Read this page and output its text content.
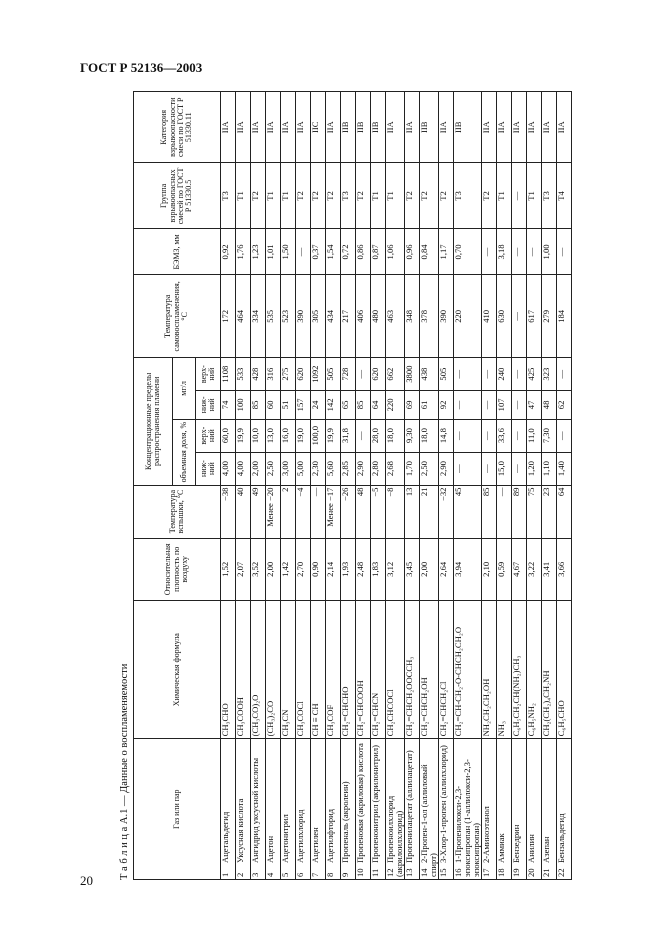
ГОСТ Р 52136—2003
Т а б л и ц а А.1 — Данные о воспламеняемости	Газ или пар	Химическая формула	Относительная плотность по воздуху	Температура вспышки, °С	Концентрационные пределы распространения пламени				Температура самовоспламенения, °С	БЭМЗ, мм	Группа взрывоопасных смесей по ГОСТ Р 51330.5	Категория взрывоопасности смеси по ГОСТ Р 51330.11
				объемная доля, %		мг/л					
				ниж-ний	верх-ний	ниж-ний	верх-ний				
1Ацетальдегид	CH₃CHO	1,52	−38	4,00	60,0	74	1108	172	0,92	T3	IIA
2Уксусная кислота	CH₃COOH	2,07	40	4,00	19,9	100	533	464	1,76	T1	IIA
3Ангидрид уксусной кислоты	(CH₃CO)₂O	3,52	49	2,00	10,0	85	428	334	1,23	T2	IIA
4Ацетон	(CH₃)₂CO	2,00	Менее −20	2,50	13,0	60	316	535	1,01	T1	IIA
5Ацетонитрил	CH₃CN	1,42	2	3,00	16,0	51	275	523	1,50	T1	IIA
6Ацетилхлорид	CH₃COCl	2,70	−4	5,00	19,0	157	620	390	—	T2	IIA
7Ацетилен	CH ≡ CH	0,90	—	2,30	100,0	24	1092	305	0,37	T2	IIC
8Ацетилфторид	CH₃COF	2,14	Менее −17	5,60	19,9	142	505	434	1,54	T2	IIA
9Пропеналь (акролеин)	CH₂=CHCHO	1,93	−26	2,85	31,8	65	728	217	0,72	T3	IIB
10Пропеновая (акриловая) кислота	CH₂=CHCOOH	2,48	48	2,90	—	85	—	406	0,86	T2	IIB
11Пропенонитрил (акрилонитрил)	CH₂=CHCN	1,83	−5	2,80	28,0	64	620	480	0,87	T1	IIB
12Пропеноилхлорид (акрилоилхлорид)	CH₂CHCOCl	3,12	−8	2,68	18,0	220	662	463	1,06	T1	IIA
13Пропенилацетат (аллилацетат)	CH₂=CHCH₂OOCCH₃	3,45	13	1,70	9,30	69	3800	348	0,96	T2	IIA
142-Пропен-1-ол (аллиловый спирт)	CH₂=CHCH₂OH	2,00	21	2,50	18,0	61	438	378	0,84	T2	IIB
153-Хлор-1-пропен (аллилхлорид)	CH₂=CHCH₂Cl	2,64	−32	2,90	14,8	92	505	390	1,17	T2	IIA
161-Пропенилокси-2,3-эпоксипропан (1-аллилокси-2,3-эпоксипропан)	CH₂=CH-CH₂-O-CHCH₂CH₂O	3,94	45	—	—	—	—	220	0,70	T3	IIB
172-Аминоэтанол	NH₂CH₂CH₂OH	2,10	85	—	—	—	—	410	—	T2	IIA
18Аммиак	NH₃	0,59	—	15,0	33,6	107	240	630	3,18	T1	IIA
19Бензедрин	C₆H₅CH₂CH(NH₂)CH₃	4,67	89	—	—	—	—	—	—	—	IIA
20Анилин	C₆H₅NH₂	3,22	75	1,20	11,0	47	425	617	—	T1	IIA
21Азепан	CH₂(CH₂)₄CH₂NH	3,41	23	1,10	7,30	48	323	279	1,00	T3	IIA
22Бензальдегид	C₆H₅CHO	3,66	64	1,40	—	62	—	184	—	T4	IIA
20
